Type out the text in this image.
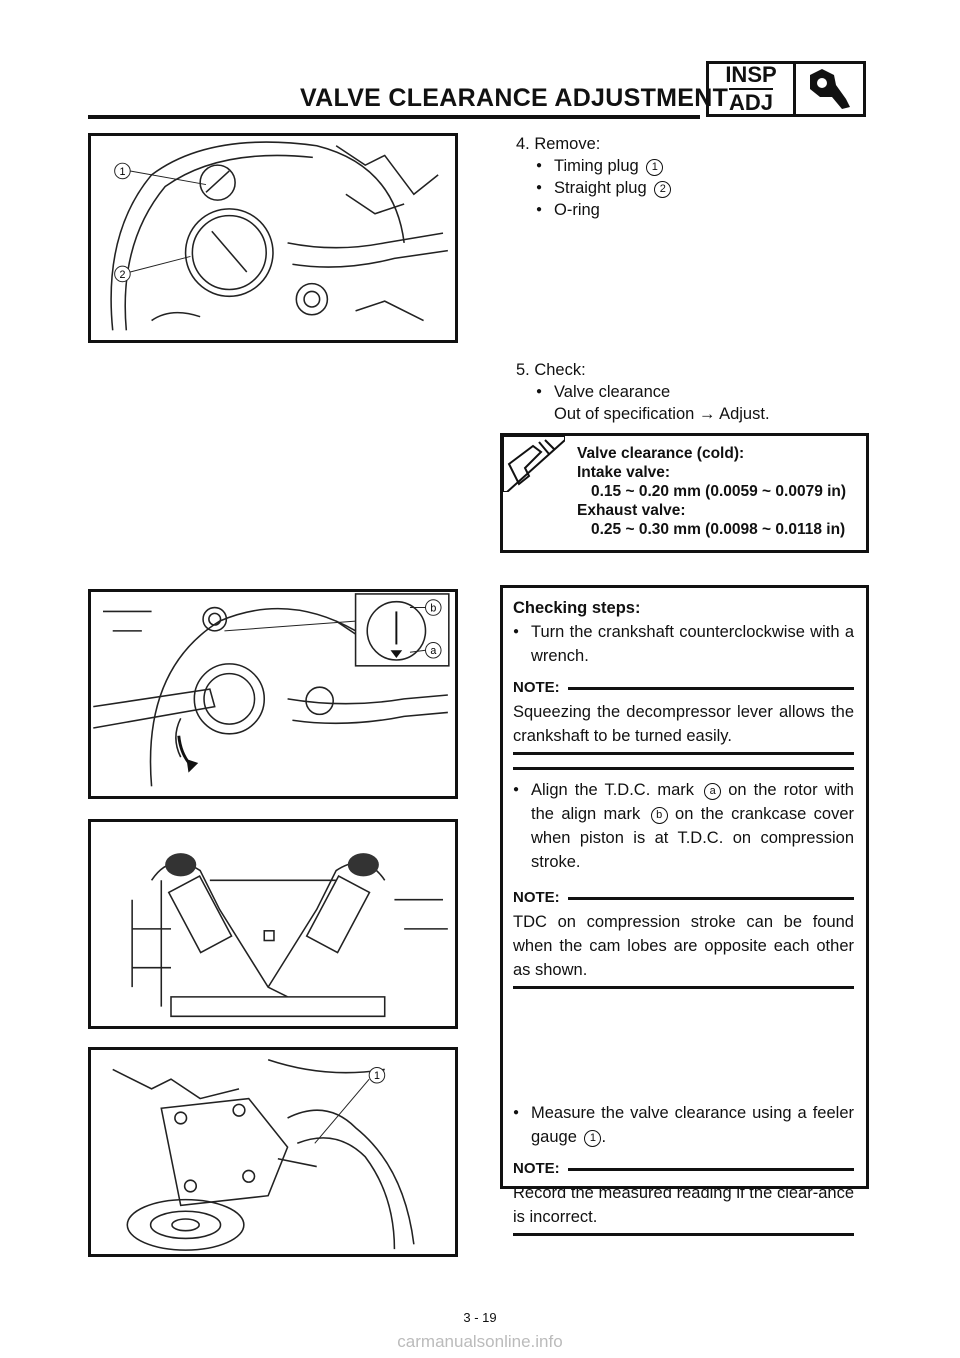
VALVE CLEARANCE ADJUSTMENT
INSP
ADJ
1
2
4. Remove:
● Timing plug 1
● Straight plug 2
● O-ring
5. Check:
● Valve clearance
Out of specification → Adjust.
Valve clearance (cold):
Intake valve:
0.15 ~ 0.20 mm (0.0059 ~ 0.0079 in)
Exhaust valve:
0.25 ~ 0.30 mm (0.0098 ~ 0.0118 in)
b
a
1
Checking steps:
● Turn the crankshaft counterclockwise with a wrench.
NOTE:
Squeezing the decompressor lever allows the crankshaft to be turned easily.
● Align the T.D.C. mark a on the rotor with the align mark b on the crankcase cover when piston is at T.D.C. on compression stroke.
NOTE:
TDC on compression stroke can be found when the cam lobes are opposite each other as shown.
● Measure the valve clearance using a feeler gauge 1 .
NOTE:
Record the measured reading if the clear-ance is incorrect.
3 - 19
carmanualsonline.info
